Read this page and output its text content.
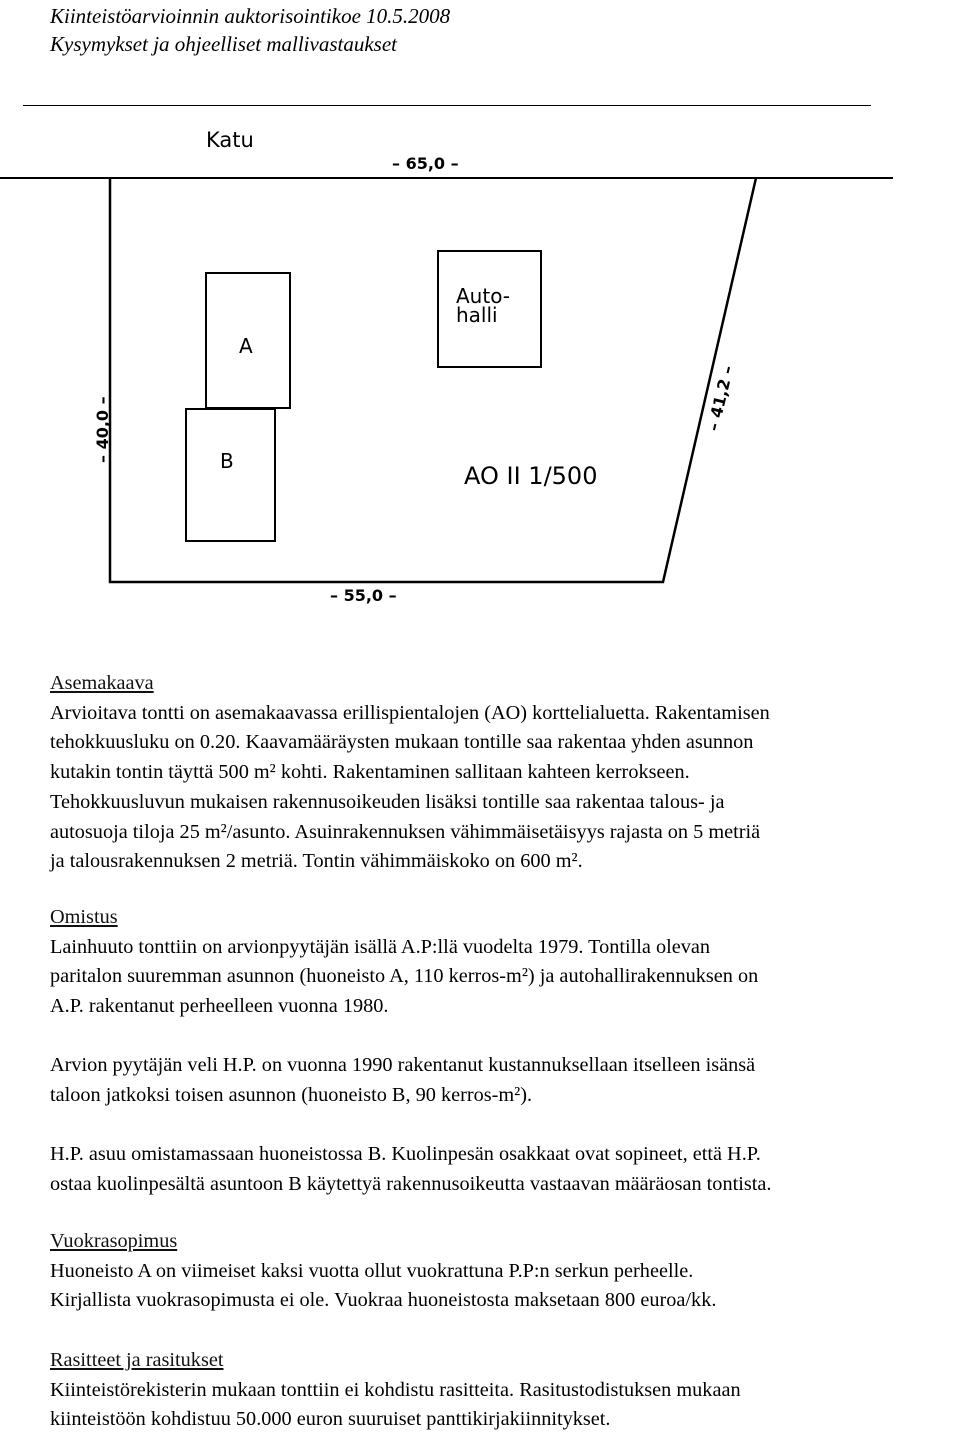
Kiinteistöarvioinnin auktorisointikoe 10.5.2008
Kysymykset ja ohjeelliset mallivastaukset
Katu
– 65,0 –
– 40,0 –	– 41,2 –
– 55,0 –
A
B
Auto-
halli
AO II 1/500
Asemakaava

Arvioitava tontti on asemakaavassa erillispientalojen (AO) korttelialuetta. Rakentamisen

tehokkuusluku on 0.20. Kaavamääräysten mukaan tontille saa rakentaa yhden asunnon

kutakin tontin täyttä 500 m² kohti. Rakentaminen sallitaan kahteen kerrokseen.

Tehokkuusluvun mukaisen rakennusoikeuden lisäksi tontille saa rakentaa talous- ja

autosuoja tiloja 25 m²/asunto. Asuinrakennuksen vähimmäisetäisyys rajasta on 5 metriä

ja talousrakennuksen 2 metriä. Tontin vähimmäiskoko on 600 m².

Omistus

Lainhuuto tonttiin on arvionpyytäjän isällä A.P:llä vuodelta 1979. Tontilla olevan

paritalon suuremman asunnon (huoneisto A, 110 kerros-m²) ja autohallirakennuksen on

A.P. rakentanut perheelleen vuonna 1980.

Arvion pyytäjän veli H.P. on vuonna 1990 rakentanut kustannuksellaan itselleen isänsä

taloon jatkoksi toisen asunnon (huoneisto B, 90 kerros-m²).

H.P. asuu omistamassaan huoneistossa B. Kuolinpesän osakkaat ovat sopineet, että H.P.

ostaa kuolinpesältä asuntoon B käytettyä rakennusoikeutta vastaavan määräosan tontista.

Vuokrasopimus

Huoneisto A on viimeiset kaksi vuotta ollut vuokrattuna P.P:n serkun perheelle.

Kirjallista vuokrasopimusta ei ole. Vuokraa huoneistosta maksetaan 800 euroa/kk.

Rasitteet ja rasitukset

Kiinteistörekisterin mukaan tonttiin ei kohdistu rasitteita. Rasitustodistuksen mukaan

kiinteistöön kohdistuu 50.000 euron suuruiset panttikirjakiinnitykset.
